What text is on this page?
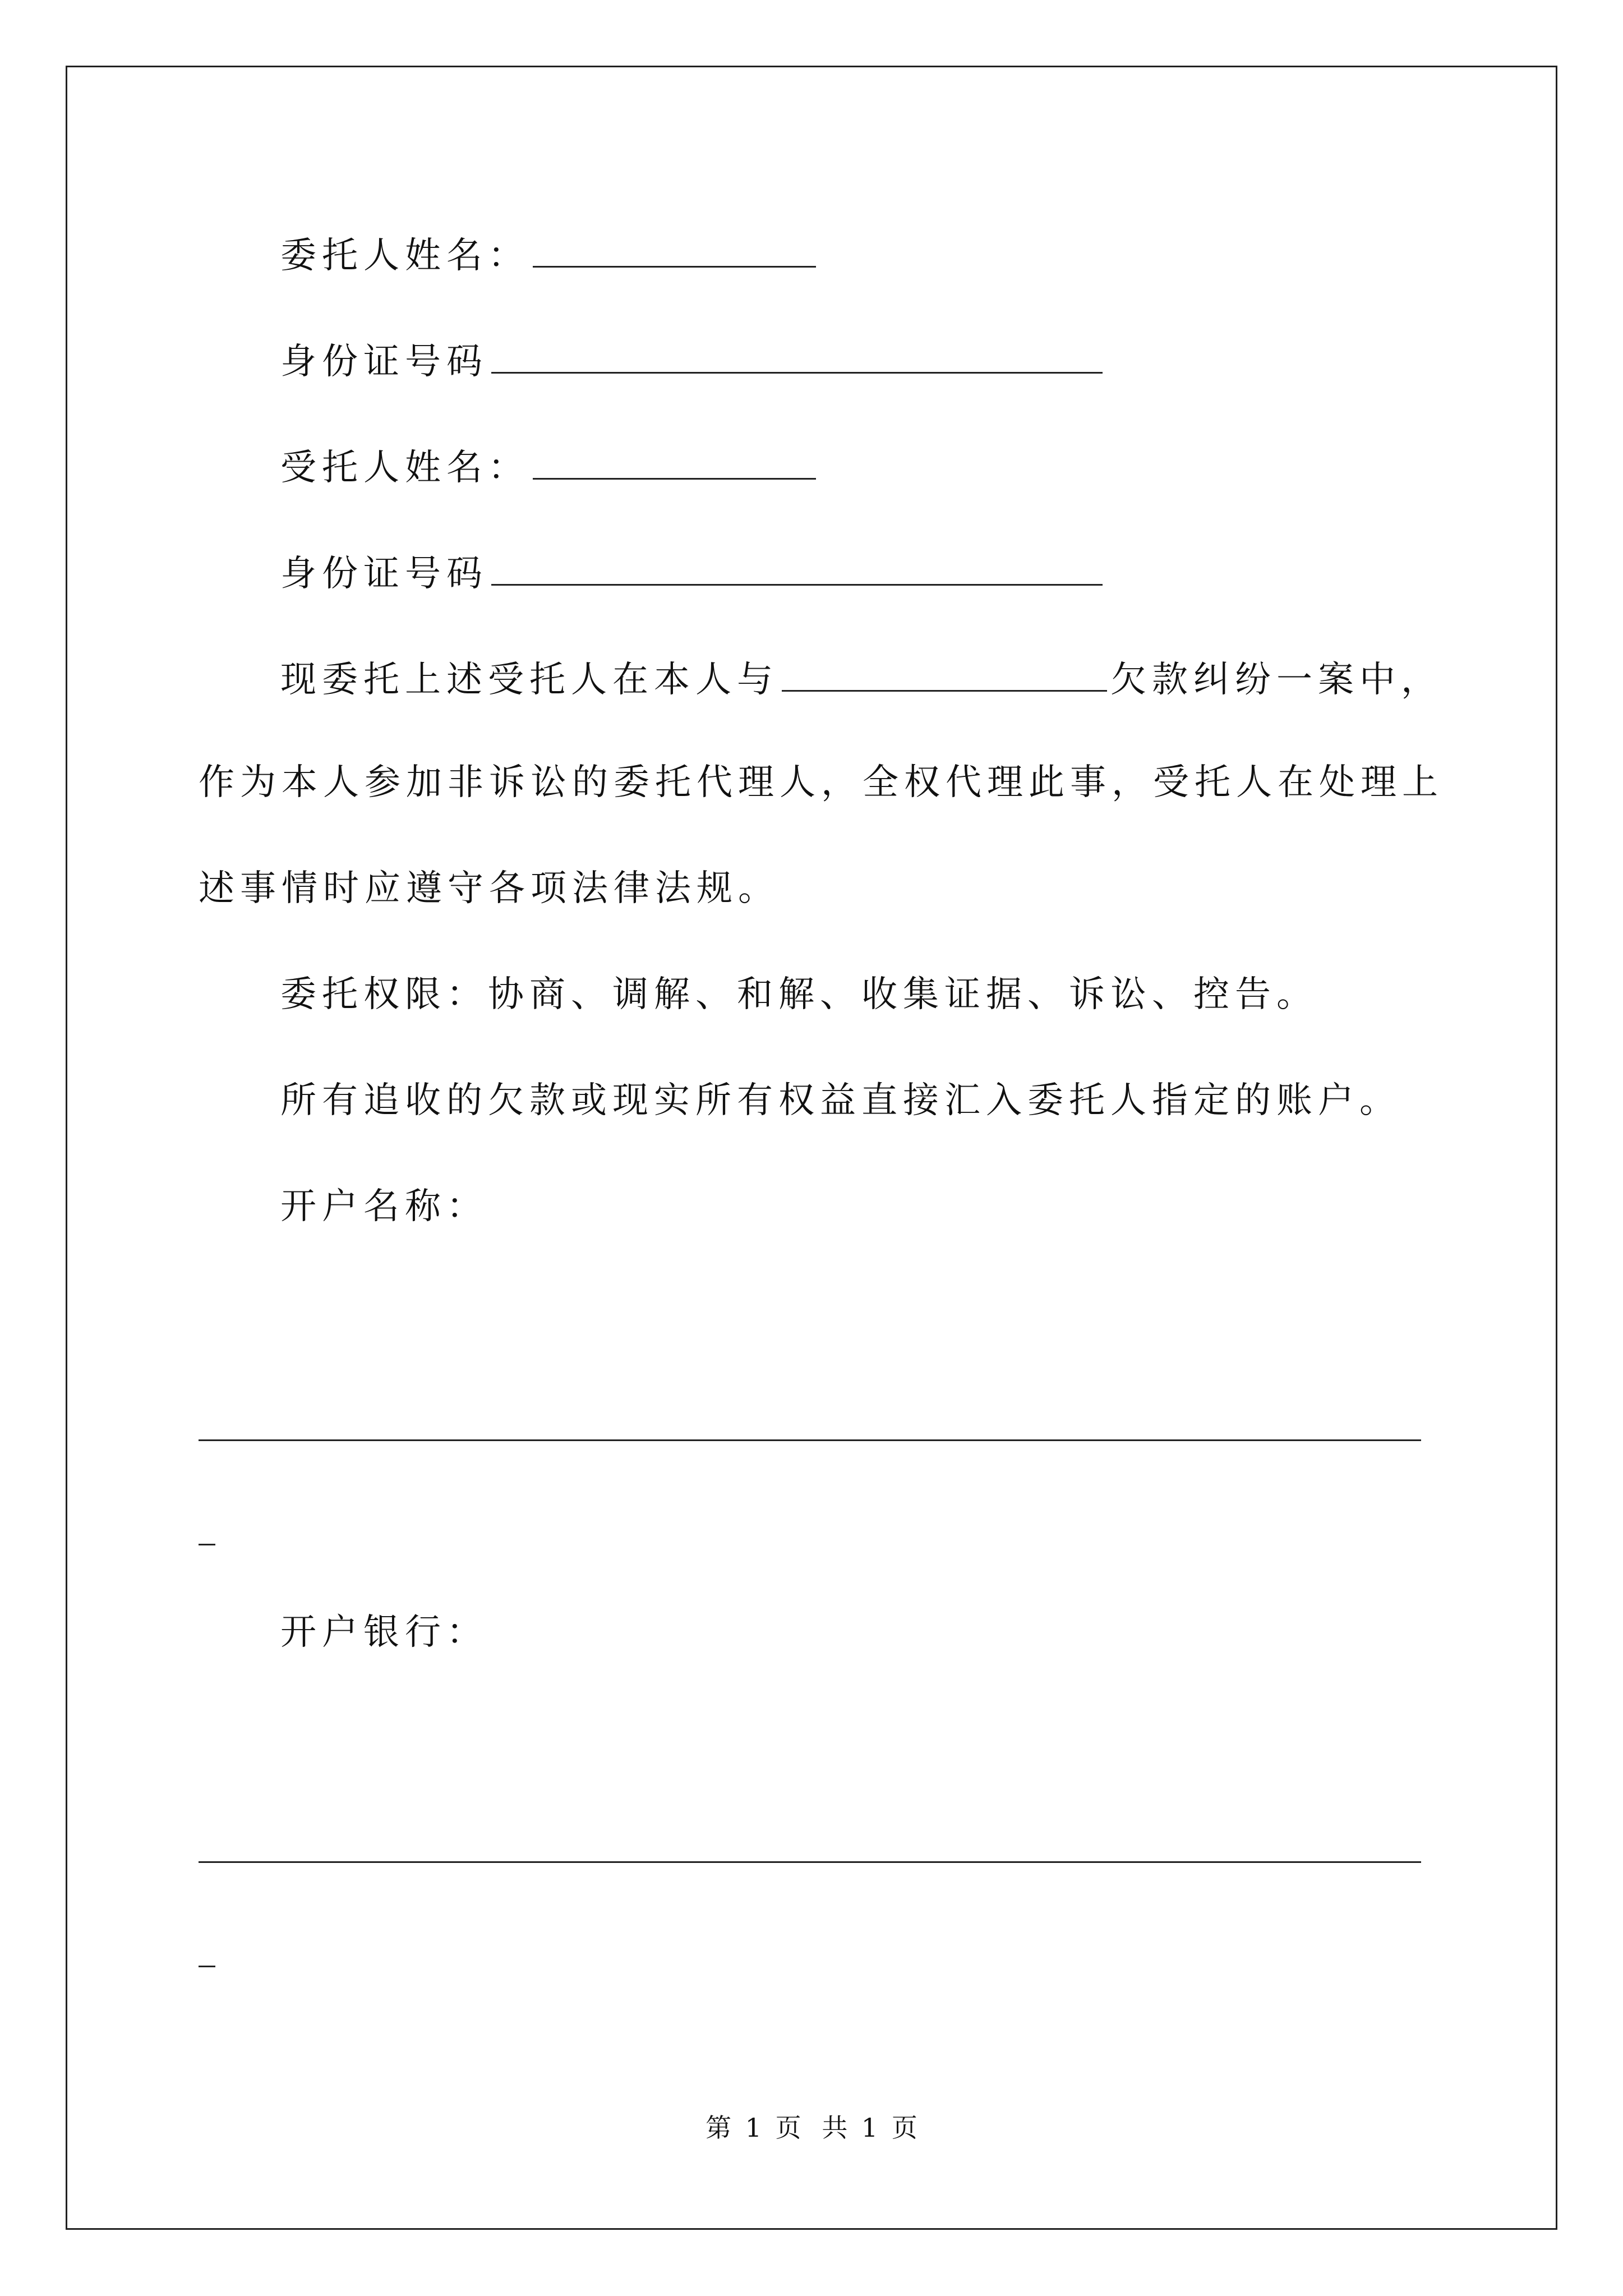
委托人姓名：
身份证号码
受托人姓名：
身份证号码
现委托上述受托人在本人与	欠款纠纷一案中，
作为本人参加非诉讼的委托代理人，全权代理此事，受托人在处理上
述事情时应遵守各项法律法规。
委托权限：协商、调解、和解、收集证据、诉讼、控告。
所有追收的欠款或现实所有权益直接汇入委托人指定的账户。
开户名称：
开户银行：
第 1 页 共 1 页
